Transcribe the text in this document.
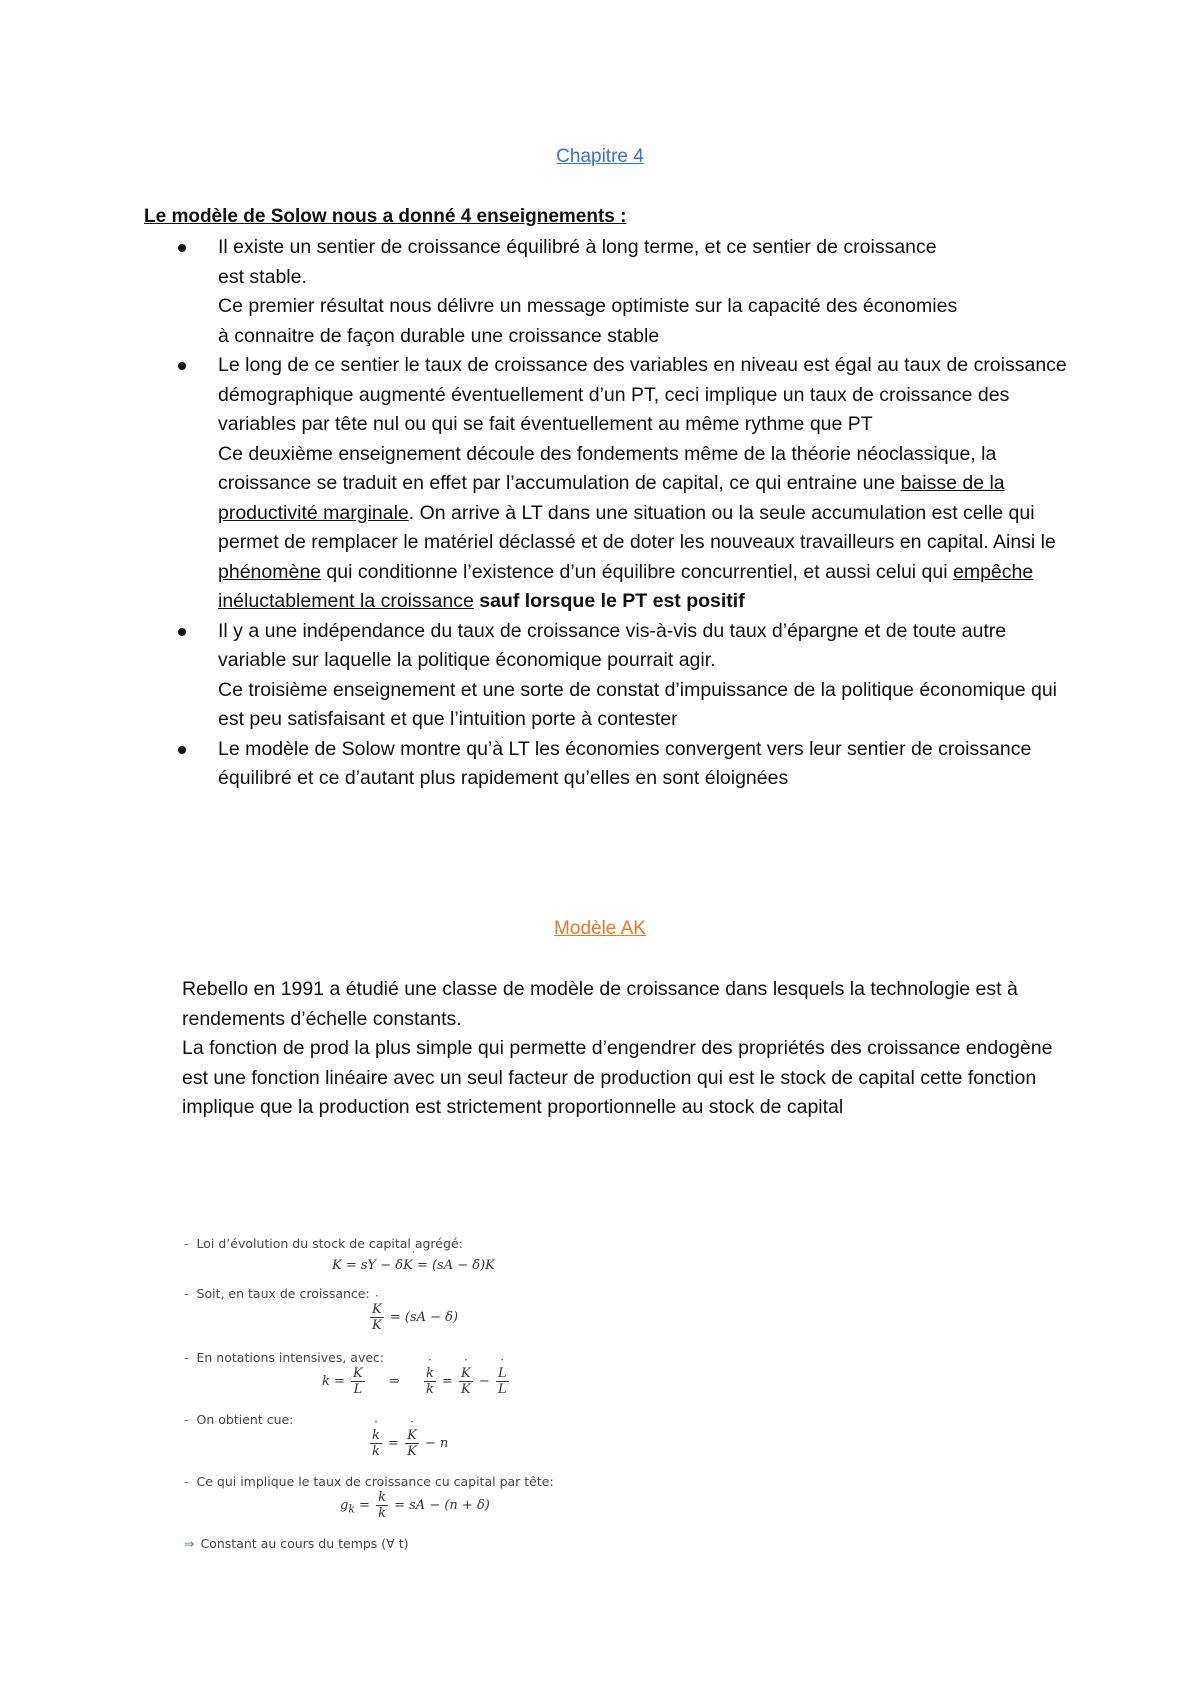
Chapitre 4

Le modèle de Solow nous a donné 4 enseignements :

Il existe un sentier de croissance équilibré à long terme, et ce sentier de croissance

est stable.

Ce premier résultat nous délivre un message optimiste sur la capacité des économies

à connaitre de façon durable une croissance stable

Le long de ce sentier le taux de croissance des variables en niveau est égal au taux de croissance démographique augmenté éventuellement d’un PT, ceci implique un taux de croissance des variables par tête nul ou qui se fait éventuellement au même rythme que PT

Ce deuxième enseignement découle des fondements même de la théorie néoclassique, la croissance se traduit en effet par l’accumulation de capital, ce qui entraine une baisse de la productivité marginale. On arrive à LT dans une situation ou la seule accumulation est celle qui permet de remplacer le matériel déclassé et de doter les nouveaux travailleurs en capital. Ainsi le phénomène qui conditionne l’existence d’un équilibre concurrentiel, et aussi celui qui empêche inéluctablement la croissance sauf lorsque le PT est positif

Il y a une indépendance du taux de croissance vis-à-vis du taux d’épargne et de toute autre variable sur laquelle la politique économique pourrait agir.

Ce troisième enseignement et une sorte de constat d’impuissance de la politique économique qui est peu satisfaisant et que l’intuition porte à contester

Le modèle de Solow montre qu’à LT les économies convergent vers leur sentier de croissance équilibré et ce d’autant plus rapidement qu’elles en sont éloignées

Modèle AK

Rebello en 1991 a étudié une classe de modèle de croissance dans lesquels la technologie est à rendements d’échelle constants.

La fonction de prod la plus simple qui permette d’engendrer des propriétés des croissance endogène est une fonction linéaire avec un seul facteur de production qui est le stock de capital cette fonction implique que la production est strictement proportionnelle au stock de capital

- Loi d’évolution du stock de capital agrégé:
˙ K = sY − δK = (sA − δ)K
- Soit, en taux de croissance:
˙ $\frac{K}{K} = (sA - \delta)$
- En notations intensives, avec:
$k = \frac{K}{L}$ ⇒ ˙ $\frac{k}{k}$ = ˙ $\frac{K}{K}$ − ˙ $\frac{L}{L}$
- On obtient cue:
˙ $\frac{k}{k}$ = ˙ $\frac{K}{K} - n$
- Ce qui implique le taux de croissance cu capital par tête:
$g_k$ = ˙ $\frac{k}{k}$ = sA − (n + δ)
⇒ Constant au cours du temps (∀ t)
